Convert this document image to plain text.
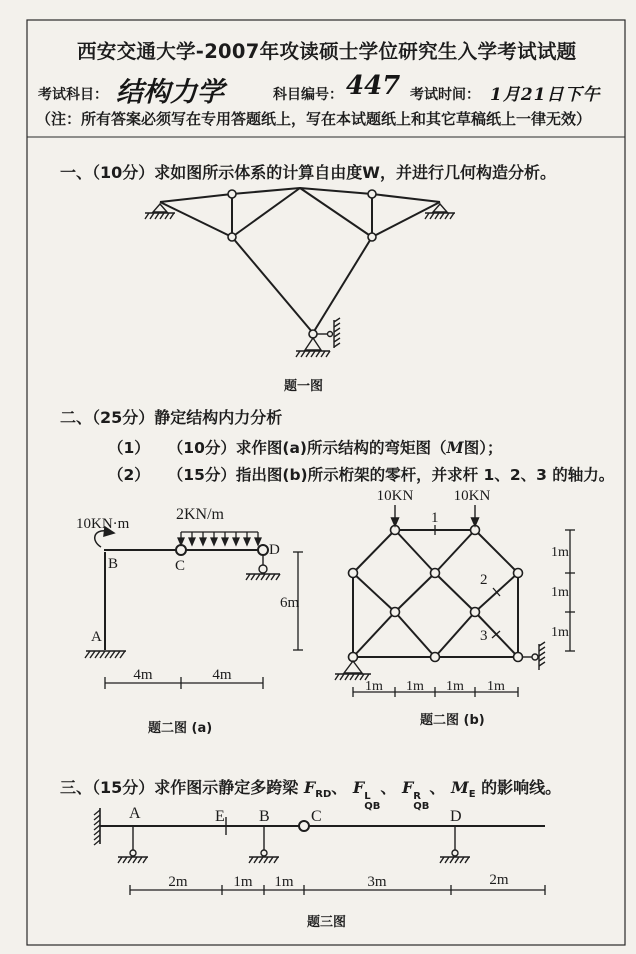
10KN·m
2KN/m
B	C
D
A
6m
4m	4m
10KN	10KN
1
2
3
1m
1m
1m
1m 1m 1m 1m
A	E B	C	D
2m	1m 1m	3m	2m
西安交通大学-2007年攻读硕士学位研究生入学考试试题
考试科目： 结构力学	科目编号： 447 考试时间： 1月21日下午
（注：所有答案必须写在专用答题纸上，写在本试题纸上和其它草稿纸上一律无效）
一、（10分）求如图所示体系的计算自由度W，并进行几何构造分析。
题一图
二、（25分）静定结构内力分析
（1） （10分）求作图(a)所示结构的弯矩图（M图）；
（2） （15分）指出图(b)所示桁架的零杆，并求杆 1、2、3 的轴力。
题二图 (a)
题二图 (b)
三、（15分）求作图示静定多跨梁 $F_{RD}$、 F L
QB
、 F R
QB
、 $M_E$ 的影响线。
题三图
